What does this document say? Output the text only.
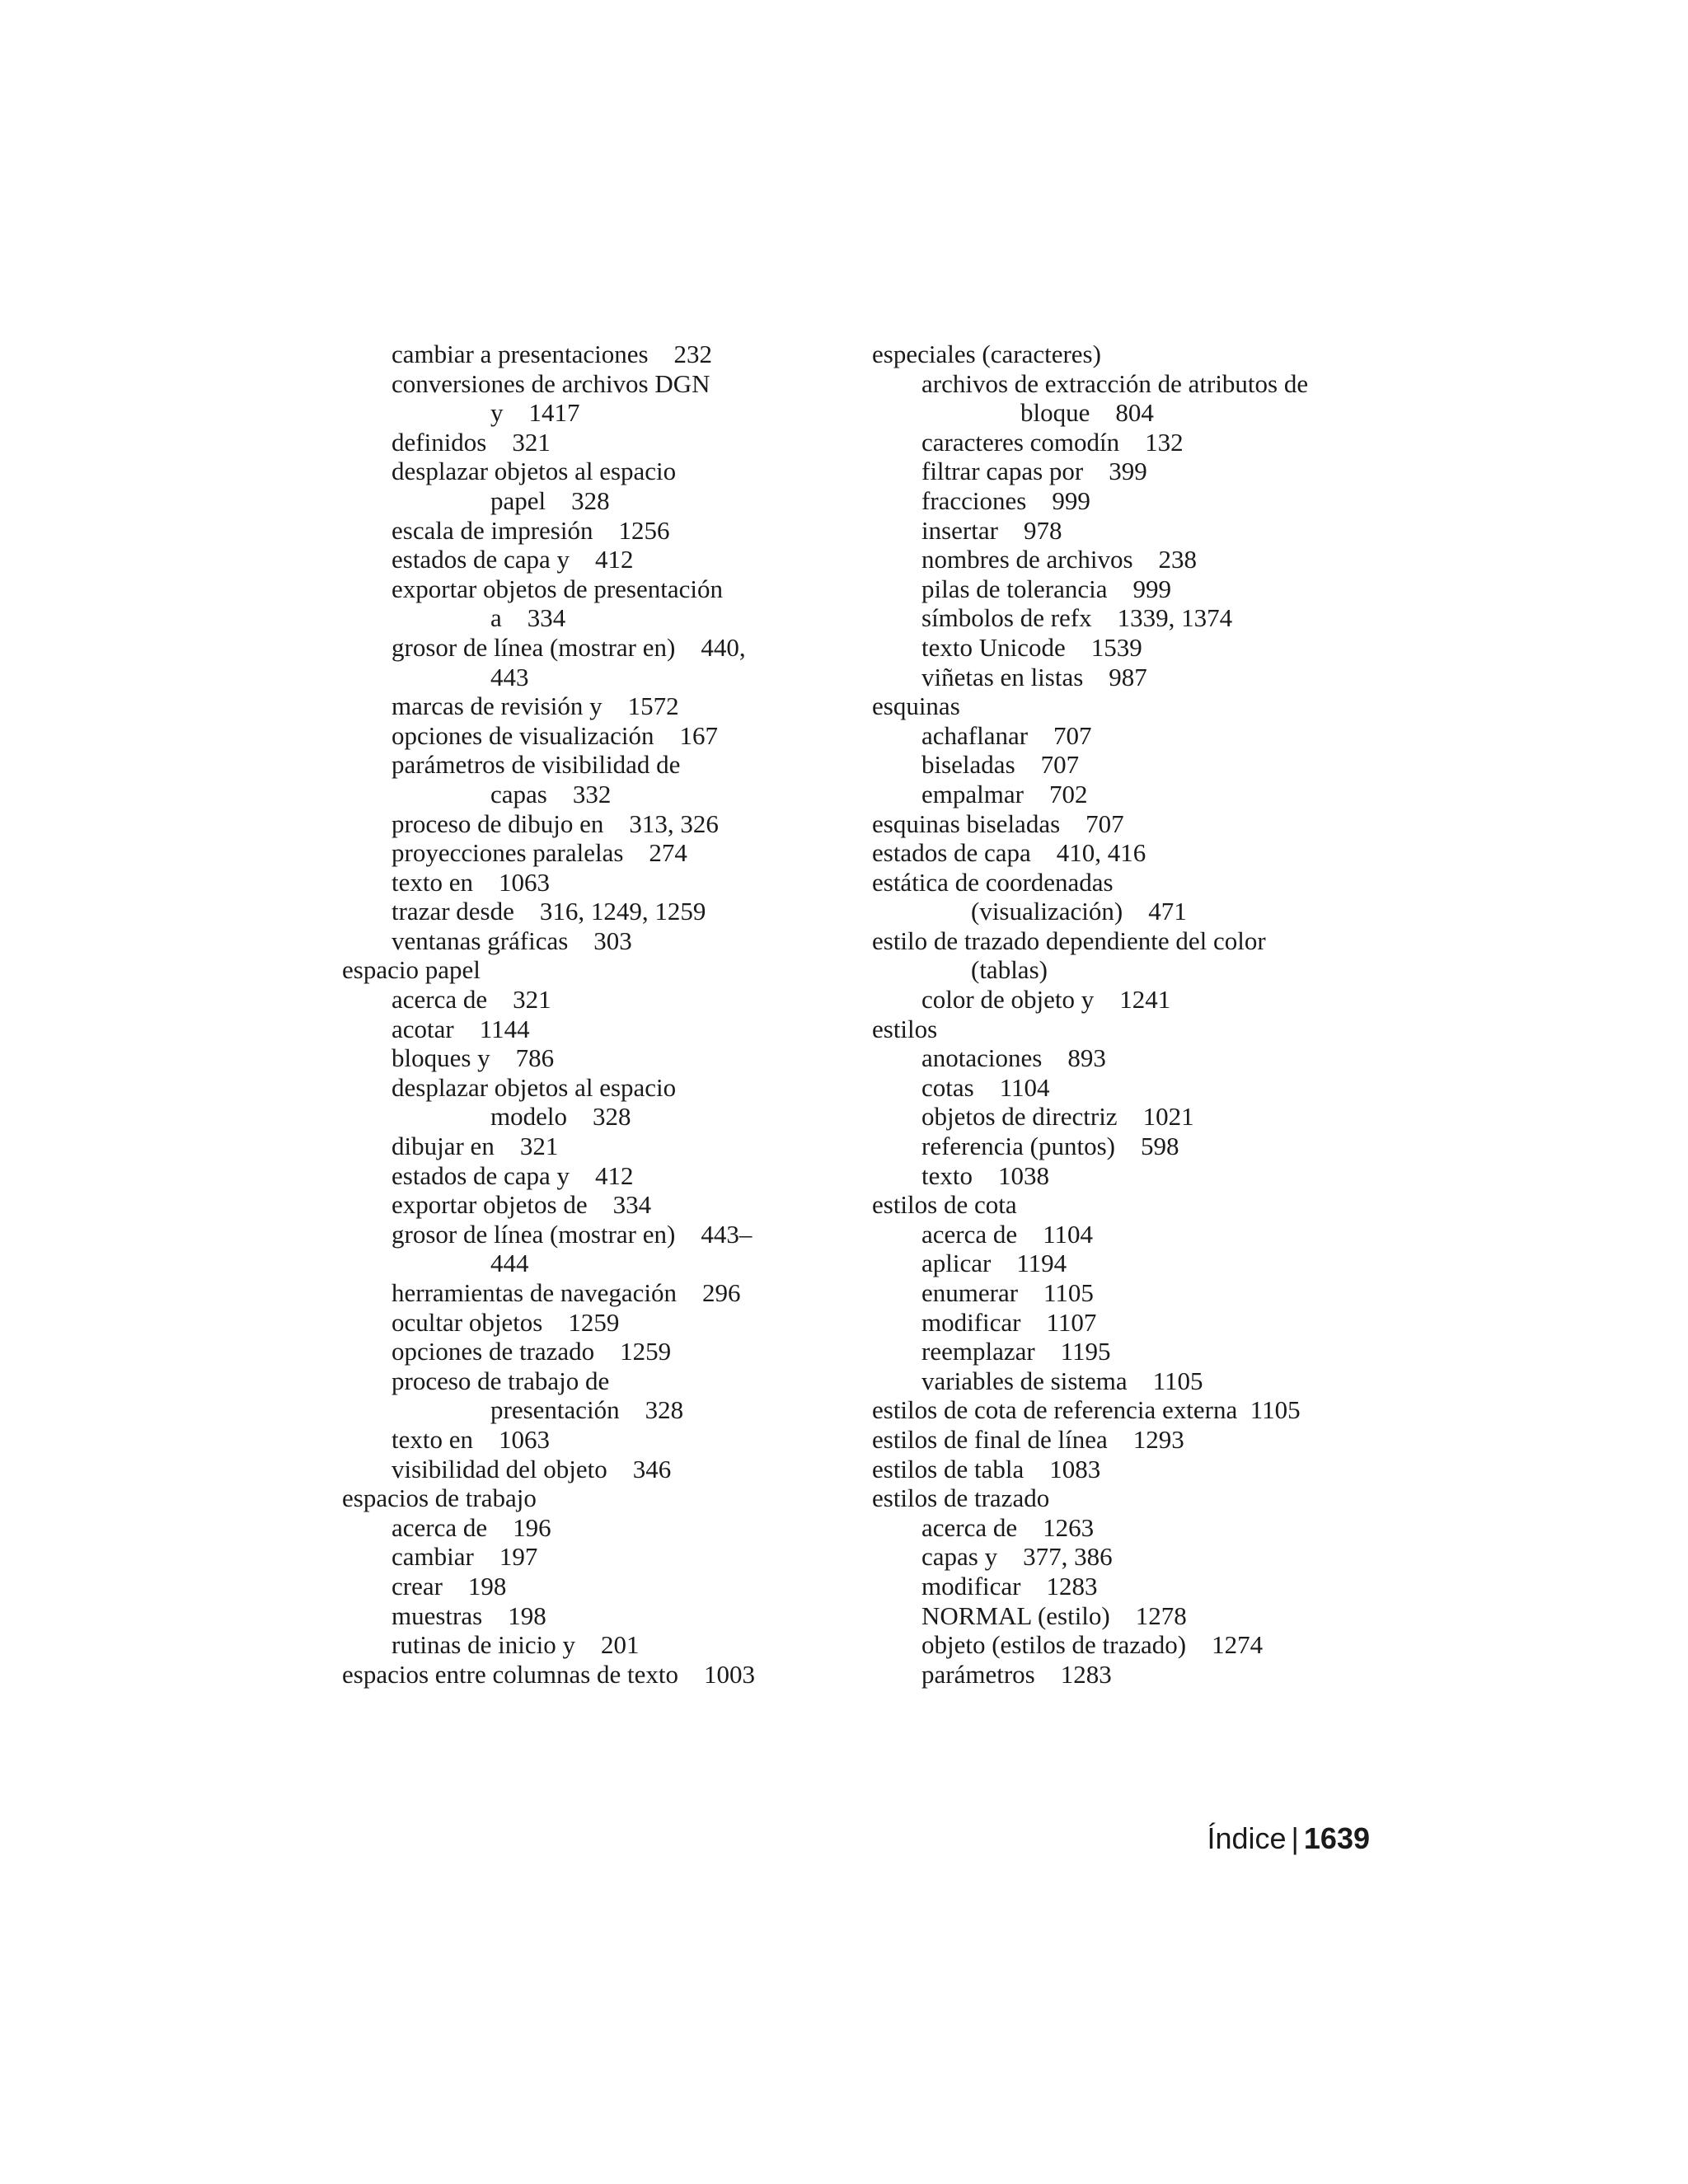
cambiar a presentaciones    232
conversiones de archivos DGN
y    1417
definidos    321
desplazar objetos al espacio
papel    328
escala de impresión    1256
estados de capa y    412
exportar objetos de presentación
a    334
grosor de línea (mostrar en)    440,
443
marcas de revisión y    1572
opciones de visualización    167
parámetros de visibilidad de
capas    332
proceso de dibujo en    313, 326
proyecciones paralelas    274
texto en    1063
trazar desde    316, 1249, 1259
ventanas gráficas    303
espacio papel
acerca de    321
acotar    1144
bloques y    786
desplazar objetos al espacio
modelo    328
dibujar en    321
estados de capa y    412
exportar objetos de    334
grosor de línea (mostrar en)    443–
444
herramientas de navegación    296
ocultar objetos    1259
opciones de trazado    1259
proceso de trabajo de
presentación    328
texto en    1063
visibilidad del objeto    346
espacios de trabajo
acerca de    196
cambiar    197
crear    198
muestras    198
rutinas de inicio y    201
espacios entre columnas de texto    1003
especiales (caracteres)
archivos de extracción de atributos de
bloque    804
caracteres comodín    132
filtrar capas por    399
fracciones    999
insertar    978
nombres de archivos    238
pilas de tolerancia    999
símbolos de refx    1339, 1374
texto Unicode    1539
viñetas en listas    987
esquinas
achaflanar    707
biseladas    707
empalmar    702
esquinas biseladas    707
estados de capa    410, 416
estática de coordenadas
(visualización)    471
estilo de trazado dependiente del color
(tablas)
color de objeto y    1241
estilos
anotaciones    893
cotas    1104
objetos de directriz    1021
referencia (puntos)    598
texto    1038
estilos de cota
acerca de    1104
aplicar    1194
enumerar    1105
modificar    1107
reemplazar    1195
variables de sistema    1105
estilos de cota de referencia externa  1105
estilos de final de línea    1293
estilos de tabla    1083
estilos de trazado
acerca de    1263
capas y    377, 386
modificar    1283
NORMAL (estilo)    1278
objeto (estilos de trazado)    1274
parámetros    1283
Índice | 1639
